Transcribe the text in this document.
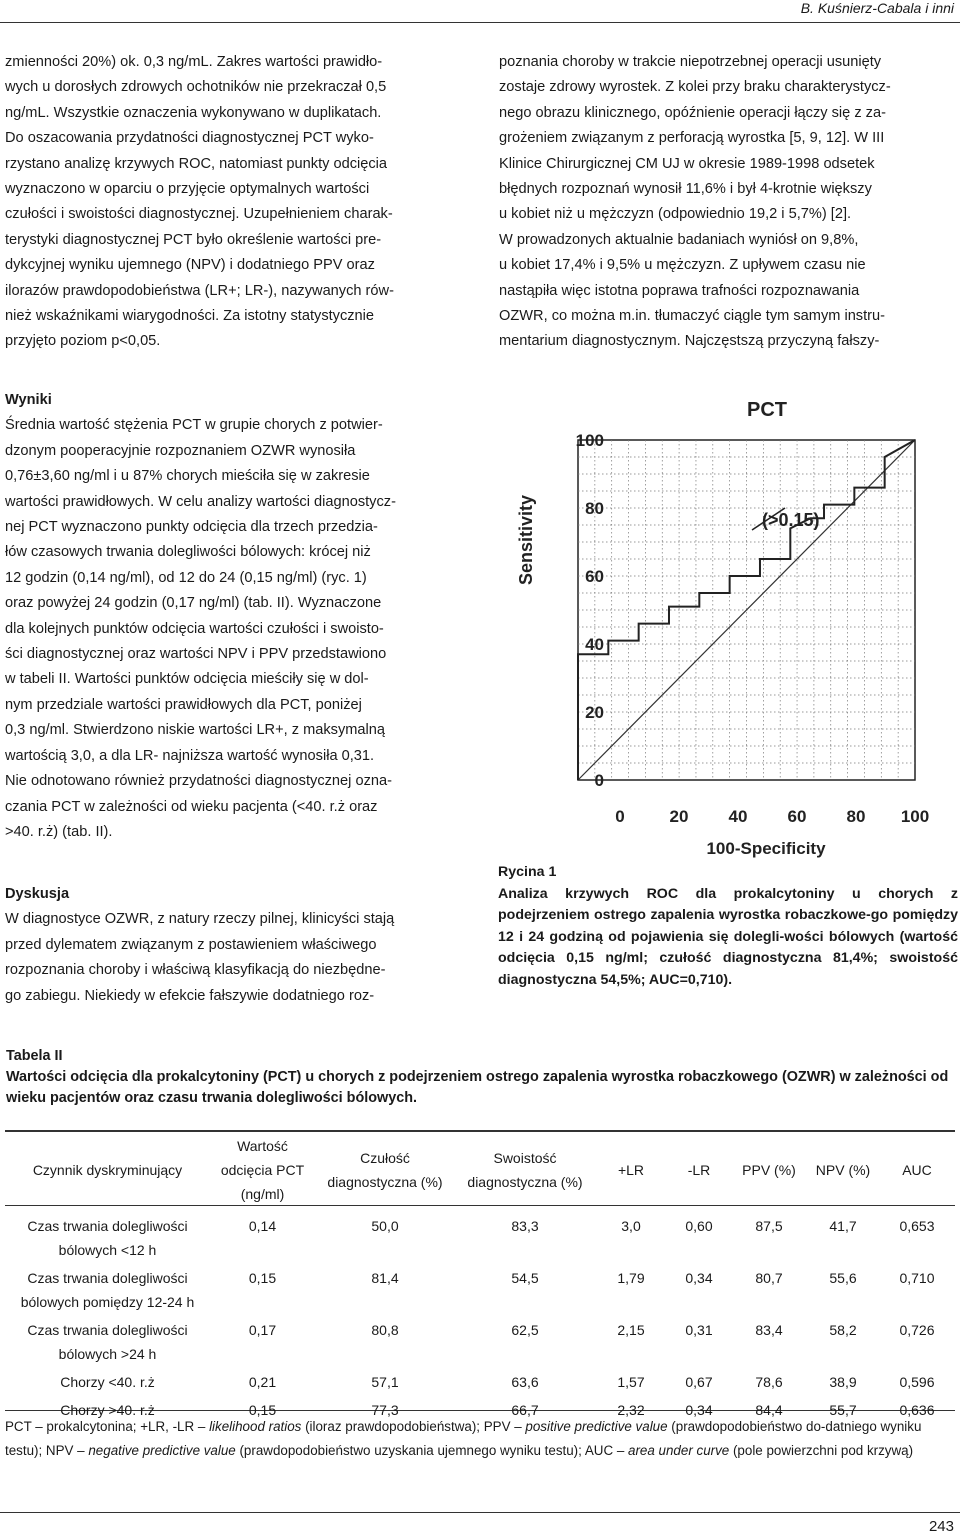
B. Kuśnierz-Cabala i inni

zmienności 20%) ok. 0,3 ng/mL. Zakres wartości prawidło-

wych u dorosłych zdrowych ochotników nie przekraczał 0,5

ng/mL. Wszystkie oznaczenia wykonywano w duplikatach.

Do oszacowania przydatności diagnostycznej PCT wyko-

rzystano analizę krzywych ROC, natomiast punkty odcięcia

wyznaczono w oparciu o przyjęcie optymalnych wartości

czułości i swoistości diagnostycznej. Uzupełnieniem charak-

terystyki diagnostycznej PCT było określenie wartości pre-

dykcyjnej wyniku ujemnego (NPV) i dodatniego PPV oraz

ilorazów prawdopodobieństwa (LR+; LR-), nazywanych rów-

nież wskaźnikami wiarygodności. Za istotny statystycznie

przyjęto poziom p<0,05.

poznania choroby w trakcie niepotrzebnej operacji usunięty

zostaje zdrowy wyrostek. Z kolei przy braku charakterystycz-

nego obrazu klinicznego, opóźnienie operacji łączy się z za-

grożeniem związanym z perforacją wyrostka [5, 9, 12]. W III

Klinice Chirurgicznej CM UJ w okresie 1989-1998 odsetek

błędnych rozpoznań wynosił 11,6% i był 4-krotnie większy

u kobiet niż u mężczyzn (odpowiednio 19,2 i 5,7%) [2].

W prowadzonych aktualnie badaniach wyniósł on 9,8%,

u kobiet 17,4% i 9,5% u mężczyzn. Z upływem czasu nie

nastąpiła więc istotna poprawa trafności rozpoznawania

OZWR, co można m.in. tłumaczyć ciągle tym samym instru-

mentarium diagnostycznym. Najczęstszą przyczyną fałszy-

Wyniki

Średnia wartość stężenia PCT w grupie chorych z potwier-

dzonym pooperacyjnie rozpoznaniem OZWR wynosiła

0,76±3,60 ng/ml i u 87% chorych mieściła się w zakresie

wartości prawidłowych. W celu analizy wartości diagnostycz-

nej PCT wyznaczono punkty odcięcia dla trzech przedzia-

łów czasowych trwania dolegliwości bólowych: krócej niż

12 godzin (0,14 ng/ml), od 12 do 24 (0,15 ng/ml) (ryc. 1)

oraz powyżej 24 godzin (0,17 ng/ml) (tab. II). Wyznaczone

dla kolejnych punktów odcięcia wartości czułości i swoisto-

ści diagnostycznej oraz wartości NPV i PPV przedstawiono

w tabeli II. Wartości punktów odcięcia mieściły się w dol-

nym przedziale wartości prawidłowych dla PCT, poniżej

0,3 ng/ml. Stwierdzono niskie wartości LR+, z maksymalną

wartością 3,0, a dla LR- najniższa wartość wynosiła 0,31.

Nie odnotowano również przydatności diagnostycznej ozna-

czania PCT w zależności od wieku pacjenta (<40. r.ż oraz

>40. r.ż) (tab. II).

Dyskusja

W diagnostyce OZWR, z natury rzeczy pilnej, klinicyści stają

przed dylematem związanym z postawieniem właściwego

rozpoznania choroby i właściwą klasyfikacją do niezbędne-

go zabiegu. Niekiedy w efekcie fałszywie dodatniego roz-

PCT
100
80
60
40
20
0
0	20 40 60 80 100
Sensitivity
100-Specificity
(>0.15)
Rycina 1
Analiza krzywych ROC dla prokalcytoniny u chorych z podejrzeniem ostrego zapalenia wyrostka robaczkowe-go pomiędzy 12 i 24 godziną od pojawienia się dolegli-wości bólowych (wartość odcięcia 0,15 ng/ml; czułość diagnostyczna 81,4%; swoistość diagnostyczna 54,5%; AUC=0,710).
Tabela II
Wartości odcięcia dla prokalcytoniny (PCT) u chorych z podejrzeniem ostrego zapalenia wyrostka robaczkowego (OZWR) w zależności od wieku pacjentów oraz czasu trwania dolegliwości bólowych.
Czynnik dyskryminujący	Wartość odcięcia PCT (ng/ml)	Czułość diagnostyczna (%)	Swoistość diagnostyczna (%)	+LR	-LR	PPV (%)	NPV (%)	AUC
Czas trwania dolegliwości bólowych <12 h	0,14	50,0	83,3	3,0	0,60	87,5	41,7	0,653
Czas trwania dolegliwości bólowych pomiędzy 12-24 h	0,15	81,4	54,5	1,79	0,34	80,7	55,6	0,710
Czas trwania dolegliwości bólowych >24 h	0,17	80,8	62,5	2,15	0,31	83,4	58,2	0,726
Chorzy <40. r.ż	0,21	57,1	63,6	1,57	0,67	78,6	38,9	0,596
Chorzy >40. r.ż	0,15	77,3	66,7	2,32	0,34	84,4	55,7	0,636
PCT – prokalcytonina; +LR, -LR – likelihood ratios (iloraz prawdopodobieństwa); PPV – positive predictive value (prawdopodobieństwo do-datniego wyniku testu); NPV – negative predictive value (prawdopodobieństwo uzyskania ujemnego wyniku testu); AUC – area under curve (pole powierzchni pod krzywą)
243
